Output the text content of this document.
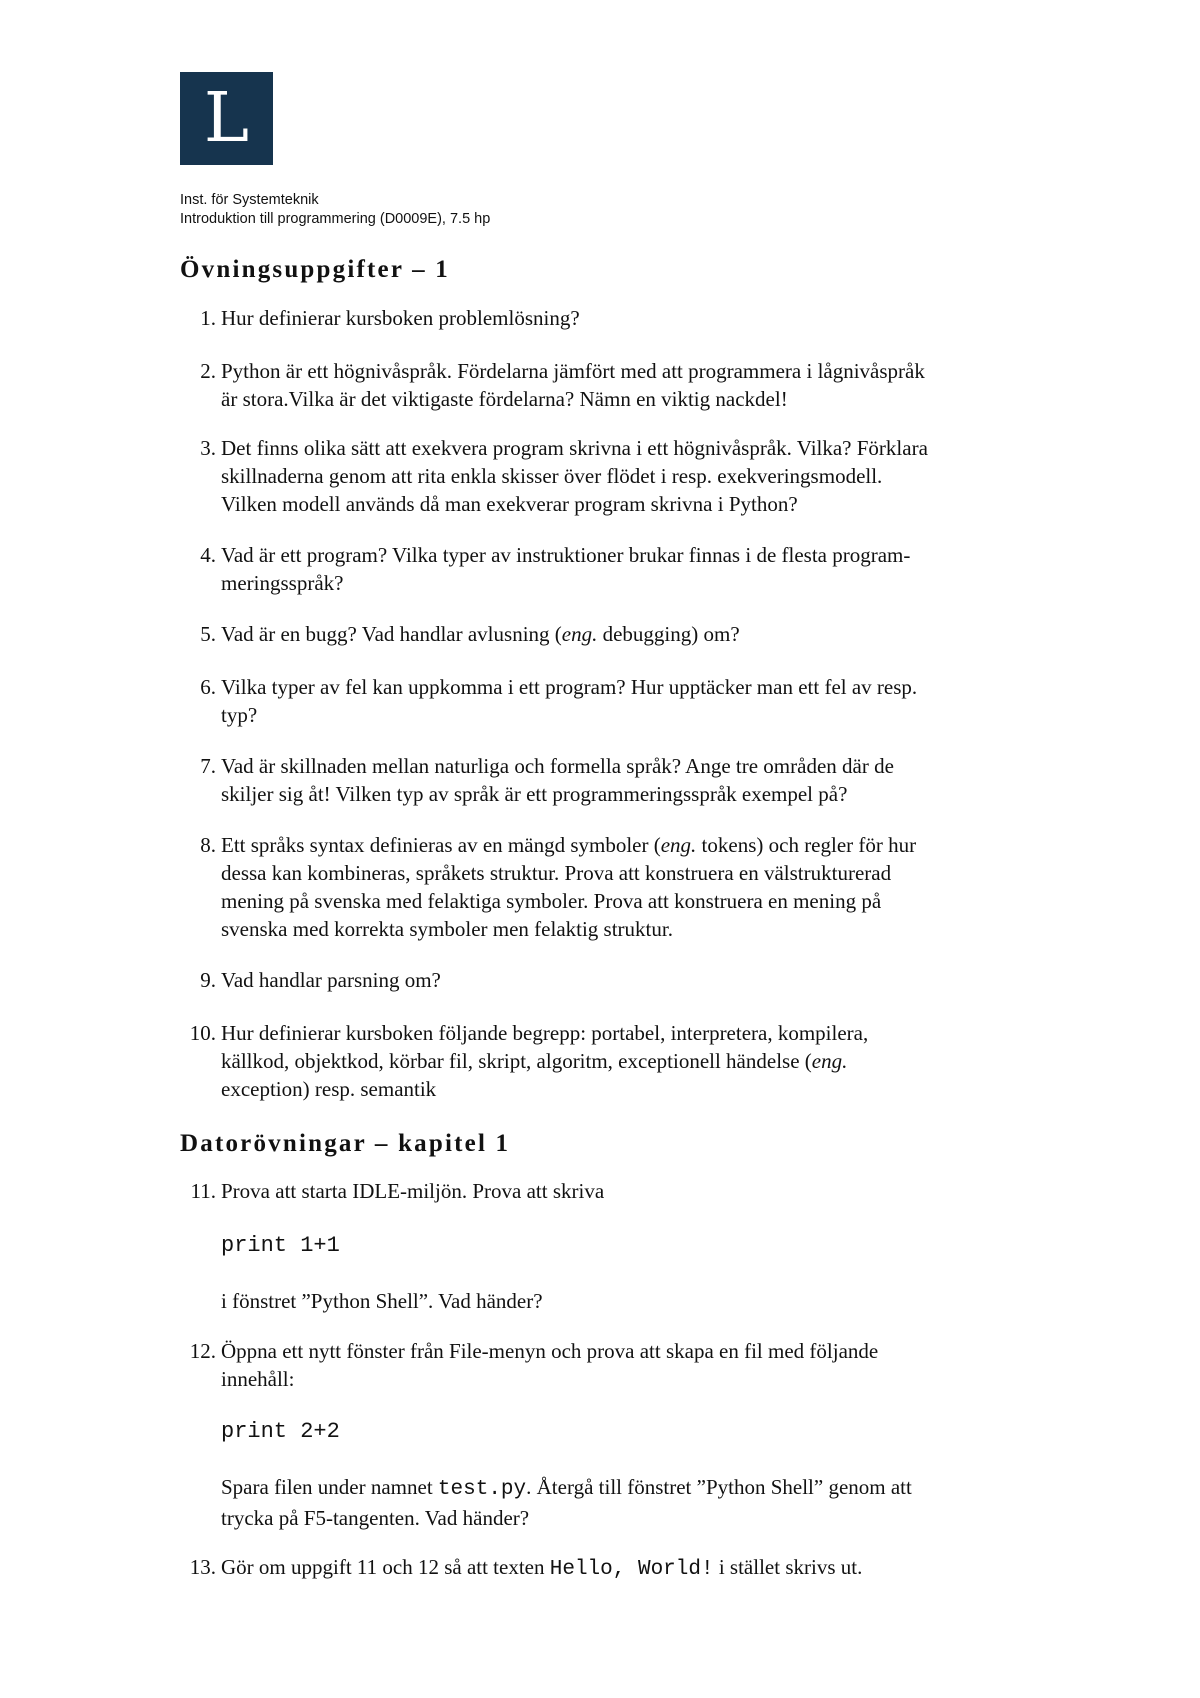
L
Inst. för Systemteknik
Introduktion till programmering (D0009E), 7.5 hp
Övningsuppgifter – 1
1. Hur definierar kursboken problemlösning?
2. Python är ett högnivåspråk. Fördelarna jämfört med att programmera i lågnivåspråk
är stora.Vilka är det viktigaste fördelarna? Nämn en viktig nackdel!
3. Det finns olika sätt att exekvera program skrivna i ett högnivåspråk. Vilka? Förklara
skillnaderna genom att rita enkla skisser över flödet i resp. exekveringsmodell.
Vilken modell används då man exekverar program skrivna i Python?
4. Vad är ett program? Vilka typer av instruktioner brukar finnas i de flesta program-
meringsspråk?
5. Vad är en bugg? Vad handlar avlusning (eng. debugging) om?
6. Vilka typer av fel kan uppkomma i ett program? Hur upptäcker man ett fel av resp.
typ?
7. Vad är skillnaden mellan naturliga och formella språk? Ange tre områden där de
skiljer sig åt! Vilken typ av språk är ett programmeringsspråk exempel på?
8. Ett språks syntax definieras av en mängd symboler (eng. tokens) och regler för hur
dessa kan kombineras, språkets struktur. Prova att konstruera en välstrukturerad
mening på svenska med felaktiga symboler. Prova att konstruera en mening på
svenska med korrekta symboler men felaktig struktur.
9. Vad handlar parsning om?
10. Hur definierar kursboken följande begrepp: portabel, interpretera, kompilera,
källkod, objektkod, körbar fil, skript, algoritm, exceptionell händelse (eng.
exception) resp. semantik
Datorövningar – kapitel 1
11. Prova att starta IDLE-miljön. Prova att skriva
print 1+1
i fönstret ”Python Shell”. Vad händer?
12. Öppna ett nytt fönster från File-menyn och prova att skapa en fil med följande
innehåll:
print 2+2
Spara filen under namnet test.py. Återgå till fönstret ”Python Shell” genom att
trycka på F5-tangenten. Vad händer?
13. Gör om uppgift 11 och 12 så att texten Hello, World! i stället skrivs ut.
